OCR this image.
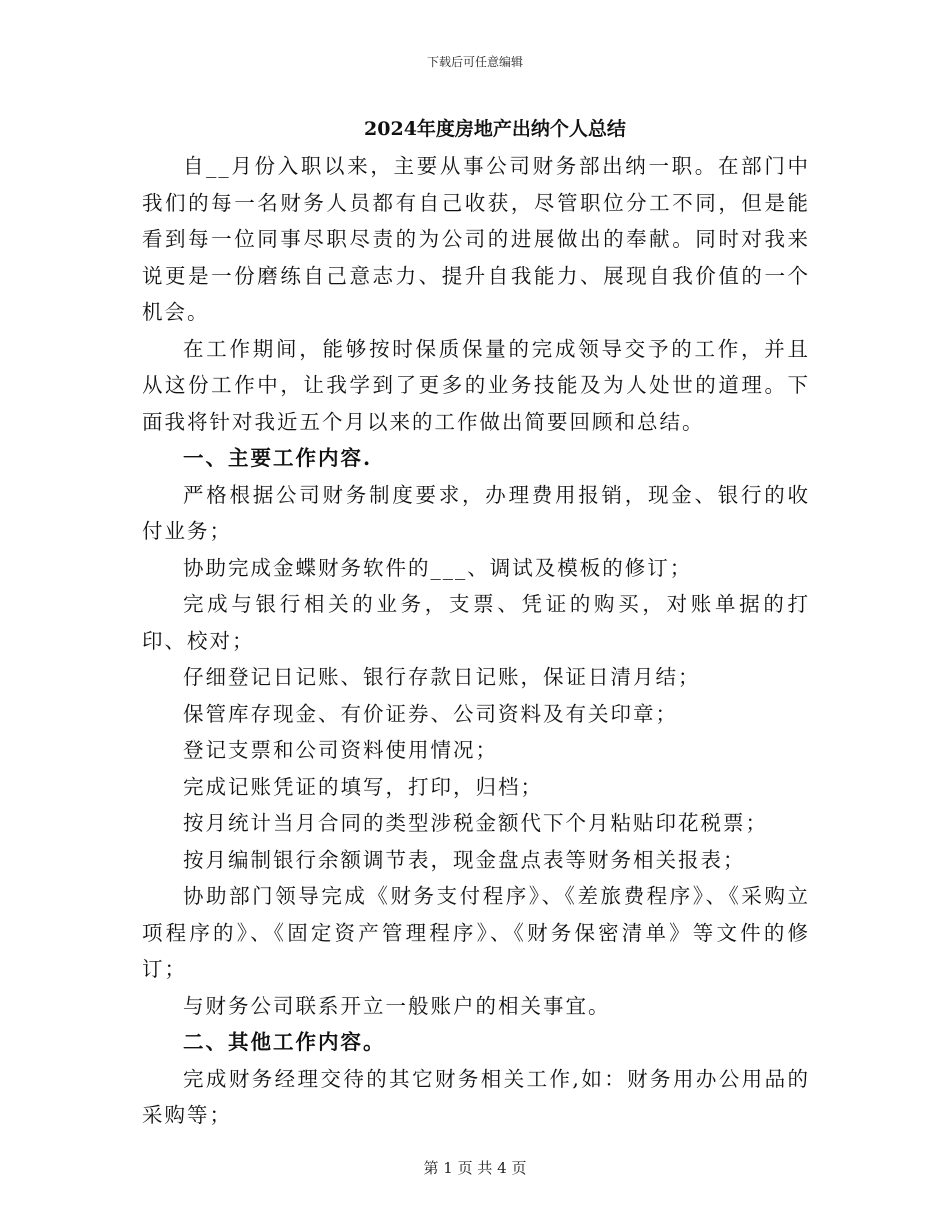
下载后可任意编辑
2024年度房地产出纳个人总结

自__月份入职以来，主要从事公司财务部出纳一职。在部门中我们的每一名财务人员都有自己收获，尽管职位分工不同，但是能看到每一位同事尽职尽责的为公司的进展做出的奉献。同时对我来说更是一份磨练自己意志力、提升自我能力、展现自我价值的一个机会。

在工作期间，能够按时保质保量的完成领导交予的工作，并且从这份工作中，让我学到了更多的业务技能及为人处世的道理。下面我将针对我近五个月以来的工作做出简要回顾和总结。

一、主要工作内容.

严格根据公司财务制度要求，办理费用报销，现金、银行的收付业务；

协助完成金蝶财务软件的___、调试及模板的修订；

完成与银行相关的业务，支票、凭证的购买，对账单据的打印、校对；

仔细登记日记账、银行存款日记账，保证日清月结；

保管库存现金、有价证券、公司资料及有关印章；

登记支票和公司资料使用情况；

完成记账凭证的填写，打印，归档；

按月统计当月合同的类型涉税金额代下个月粘贴印花税票；

按月编制银行余额调节表，现金盘点表等财务相关报表；

协助部门领导完成《财务支付程序》、《差旅费程序》、《采购立项程序的》、《固定资产管理程序》、《财务保密清单》等文件的修订；

与财务公司联系开立一般账户的相关事宜。

二、其他工作内容。

完成财务经理交待的其它财务相关工作,如：财务用办公用品的采购等；

第 1 页 共 4 页
